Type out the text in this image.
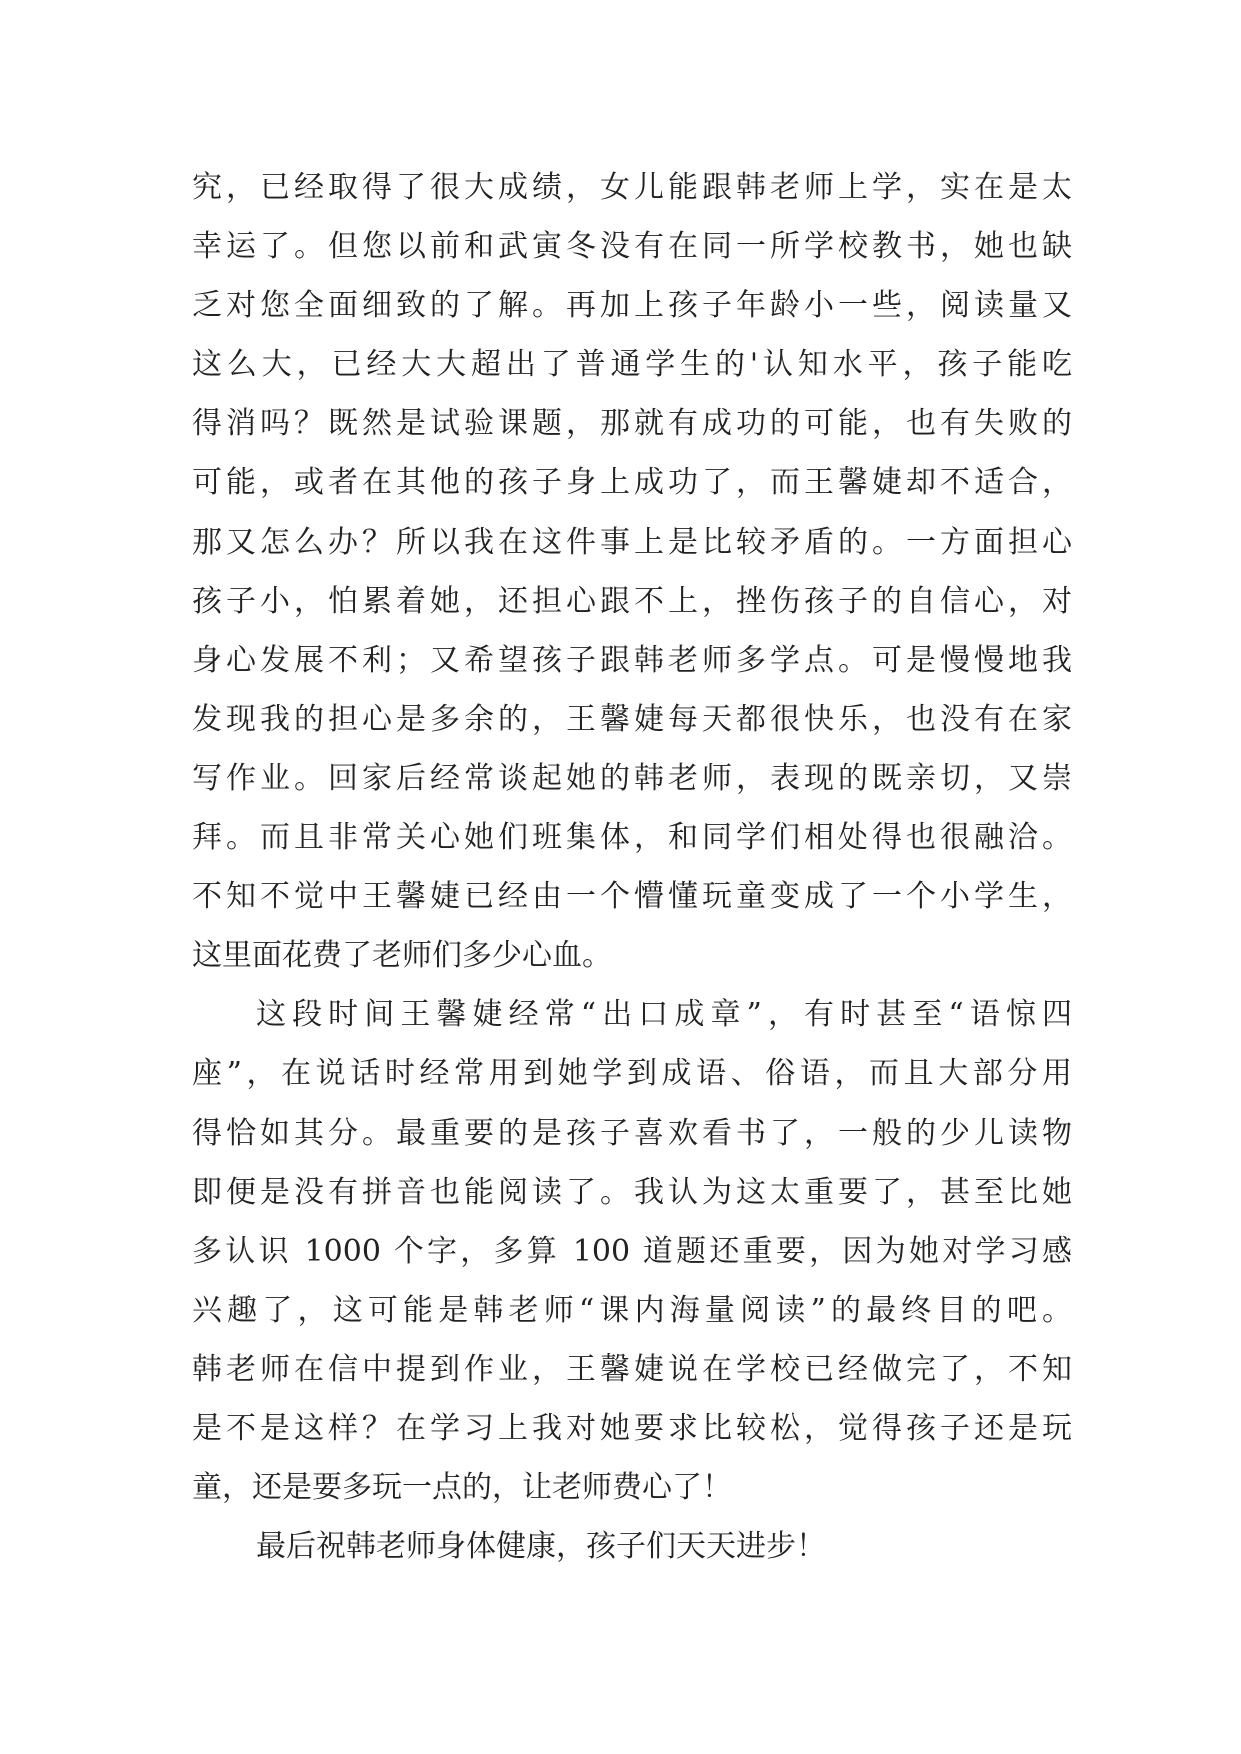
究，已经取得了很大成绩，女儿能跟韩老师上学，实在是太
幸运了。但您以前和武寅冬没有在同一所学校教书，她也缺
乏对您全面细致的了解。再加上孩子年龄小一些，阅读量又
这么大，已经大大超出了普通学生的'认知水平，孩子能吃
得消吗？既然是试验课题，那就有成功的可能，也有失败的
可能，或者在其他的孩子身上成功了，而王馨婕却不适合，
那又怎么办？所以我在这件事上是比较矛盾的。一方面担心
孩子小，怕累着她，还担心跟不上，挫伤孩子的自信心，对
身心发展不利；又希望孩子跟韩老师多学点。可是慢慢地我
发现我的担心是多余的，王馨婕每天都很快乐，也没有在家
写作业。回家后经常谈起她的韩老师，表现的既亲切，又崇
拜。而且非常关心她们班集体，和同学们相处得也很融洽。
不知不觉中王馨婕已经由一个懵懂玩童变成了一个小学生，
这里面花费了老师们多少心血。
这段时间王馨婕经常“出口成章”，有时甚至“语惊四
座”，在说话时经常用到她学到成语、俗语，而且大部分用
得恰如其分。最重要的是孩子喜欢看书了，一般的少儿读物
即便是没有拼音也能阅读了。我认为这太重要了，甚至比她
多认识 1000 个字，多算 100 道题还重要，因为她对学习感
兴趣了，这可能是韩老师“课内海量阅读”的最终目的吧。
韩老师在信中提到作业，王馨婕说在学校已经做完了，不知
是不是这样？在学习上我对她要求比较松，觉得孩子还是玩
童，还是要多玩一点的，让老师费心了！
最后祝韩老师身体健康，孩子们天天进步！
